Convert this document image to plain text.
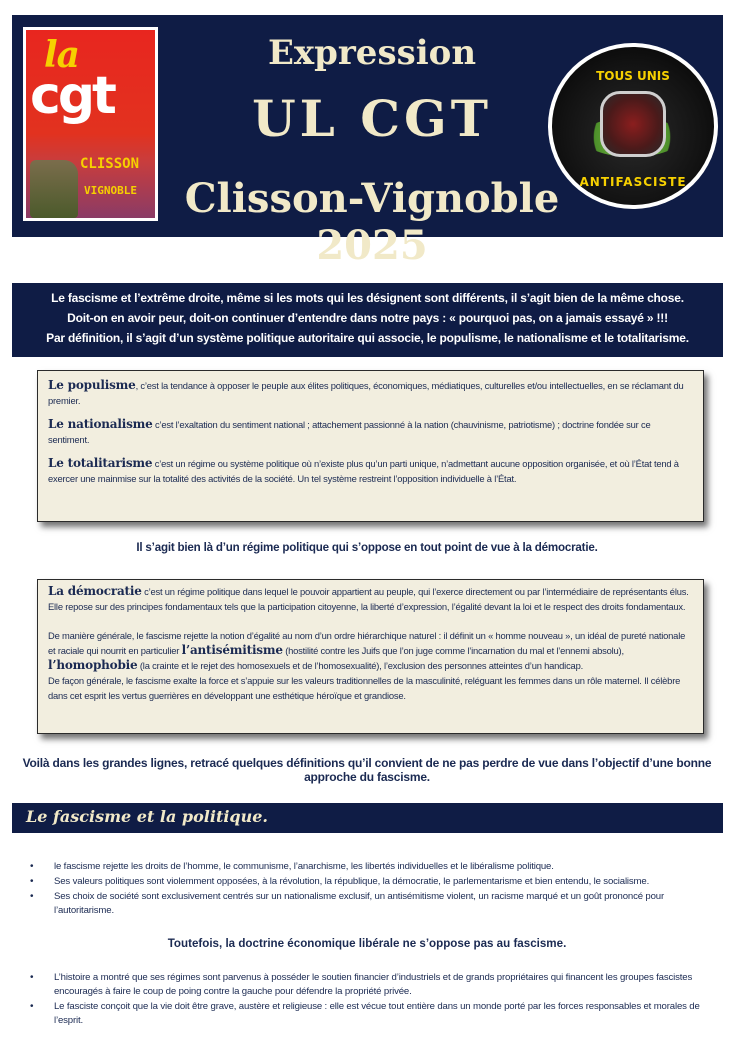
la
cgt
CLISSON
VIGNOBLE
Expression
UL CGT
Clisson-Vignoble 2025
TOUS UNIS
ANTIFASCISTE
Le fascisme et l’extrême droite, même si les mots qui les désignent sont différents, il s’agit bien de la même chose.
Doit-on en avoir peur, doit-on continuer d’entendre dans notre pays : « pourquoi pas, on a jamais essayé » !!!
Par définition, il s’agit d’un système politique autoritaire qui associe, le populisme, le nationalisme et le totalitarisme.

Le populisme, c’est la tendance à opposer le peuple aux élites politiques, économiques, médiatiques, culturelles et/ou intellectuelles, en se réclamant du premier.

Le nationalisme c’est l’exaltation du sentiment national ; attachement passionné à la nation (chauvinisme, patriotisme) ; doctrine fondée sur ce sentiment.

Le totalitarisme c’est un régime ou système politique où n’existe plus qu’un parti unique, n’admettant aucune opposition organisée, et où l’État tend à exercer une mainmise sur la totalité des activités de la société. Un tel système restreint l’opposition individuelle à l’État.

Il s’agit bien là d’un régime politique qui s’oppose en tout point de vue à la démocratie.

La démocratie c’est un régime politique dans lequel le pouvoir appartient au peuple, qui l’exerce directement ou par l’intermédiaire de représentants élus. Elle repose sur des principes fondamentaux tels que la participation citoyenne, la liberté d’expression, l’égalité devant la loi et le respect des droits fondamentaux.

De manière générale, le fascisme rejette la notion d’égalité au nom d’un ordre hiérarchique naturel : il définit un « homme nouveau », un idéal de pureté nationale et raciale qui nourrit en particulier l’antisémitisme (hostilité contre les Juifs que l’on juge comme l’incarnation du mal et l’ennemi absolu), l’homophobie (la crainte et le rejet des homosexuels et de l’homosexualité), l’exclusion des personnes atteintes d’un handicap.

De façon générale, le fascisme exalte la force et s’appuie sur les valeurs traditionnelles de la masculinité, reléguant les femmes dans un rôle maternel. Il célèbre dans cet esprit les vertus guerrières en développant une esthétique héroïque et grandiose.

Voilà dans les grandes lignes, retracé quelques définitions qu’il convient de ne pas perdre de vue dans l’objectif d’une bonne approche du fascisme.
Le fascisme et la politique.
• le fascisme rejette les droits de l’homme, le communisme, l’anarchisme, les libertés individuelles et le libéralisme politique.
• Ses valeurs politiques sont violemment opposées, à la révolution, la république, la démocratie, le parlementarisme et bien entendu, le socialisme.
• Ses choix de société sont exclusivement centrés sur un nationalisme exclusif, un antisémitisme violent, un racisme marqué et un goût prononcé pour l’autoritarisme.
Toutefois, la doctrine économique libérale ne s’oppose pas au fascisme.
• L’histoire a montré que ses régimes sont parvenus à posséder le soutien financier d’industriels et de grands propriétaires qui financent les groupes fascistes encouragés à faire le coup de poing contre la gauche pour défendre la propriété privée.
• Le fasciste conçoit que la vie doit être grave, austère et religieuse : elle est vécue tout entière dans un monde porté par les forces responsables et morales de l’esprit.
